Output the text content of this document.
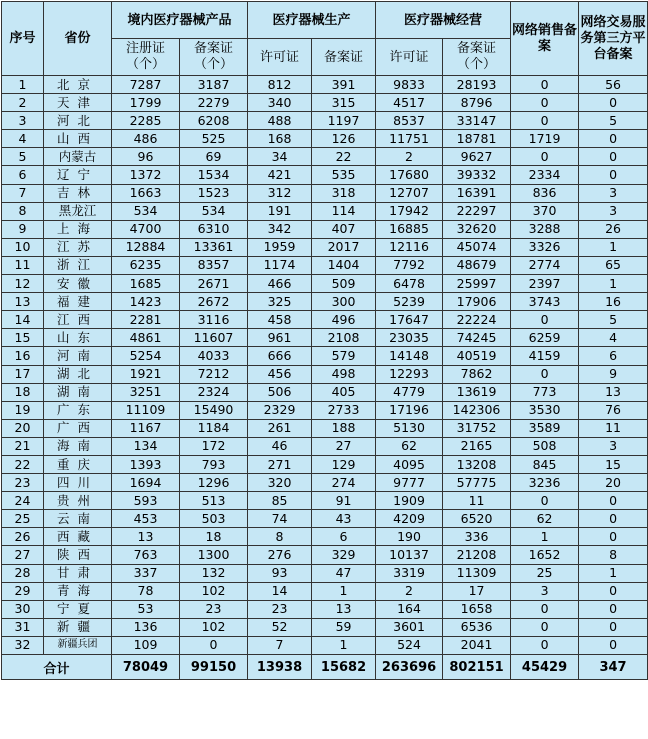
序号	省份	境内医疗器械产品		医疗器械生产		医疗器械经营		网络销售备案	网络交易服务第三方平台备案
		注册证（个）	备案证（个）	许可证	备案证	许可证	备案证（个）		
1	北京	7287	3187	812	391	9833	28193	0	56
2	天津	1799	2279	340	315	4517	8796	0	0
3	河北	2285	6208	488	1197	8537	33147	0	5
4	山西	486	525	168	126	11751	18781	1719	0
5	内蒙古	96	69	34	22	2	9627	0	0
6	辽宁	1372	1534	421	535	17680	39332	2334	0
7	吉林	1663	1523	312	318	12707	16391	836	3
8	黑龙江	534	534	191	114	17942	22297	370	3
9	上海	4700	6310	342	407	16885	32620	3288	26
10	江苏	12884	13361	1959	2017	12116	45074	3326	1
11	浙江	6235	8357	1174	1404	7792	48679	2774	65
12	安徽	1685	2671	466	509	6478	25997	2397	1
13	福建	1423	2672	325	300	5239	17906	3743	16
14	江西	2281	3116	458	496	17647	22224	0	5
15	山东	4861	11607	961	2108	23035	74245	6259	4
16	河南	5254	4033	666	579	14148	40519	4159	6
17	湖北	1921	7212	456	498	12293	7862	0	9
18	湖南	3251	2324	506	405	4779	13619	773	13
19	广东	11109	15490	2329	2733	17196	142306	3530	76
20	广西	1167	1184	261	188	5130	31752	3589	11
21	海南	134	172	46	27	62	2165	508	3
22	重庆	1393	793	271	129	4095	13208	845	15
23	四川	1694	1296	320	274	9777	57775	3236	20
24	贵州	593	513	85	91	1909	11	0	0
25	云南	453	503	74	43	4209	6520	62	0
26	西藏	13	18	8	6	190	336	1	0
27	陕西	763	1300	276	329	10137	21208	1652	8
28	甘肃	337	132	93	47	3319	11309	25	1
29	青海	78	102	14	1	2	17	3	0
30	宁夏	53	23	23	13	164	1658	0	0
31	新疆	136	102	52	59	3601	6536	0	0
32	新疆兵团	109	0	7	1	524	2041	0	0
合计		78049	99150	13938	15682	263696	802151	45429	347
